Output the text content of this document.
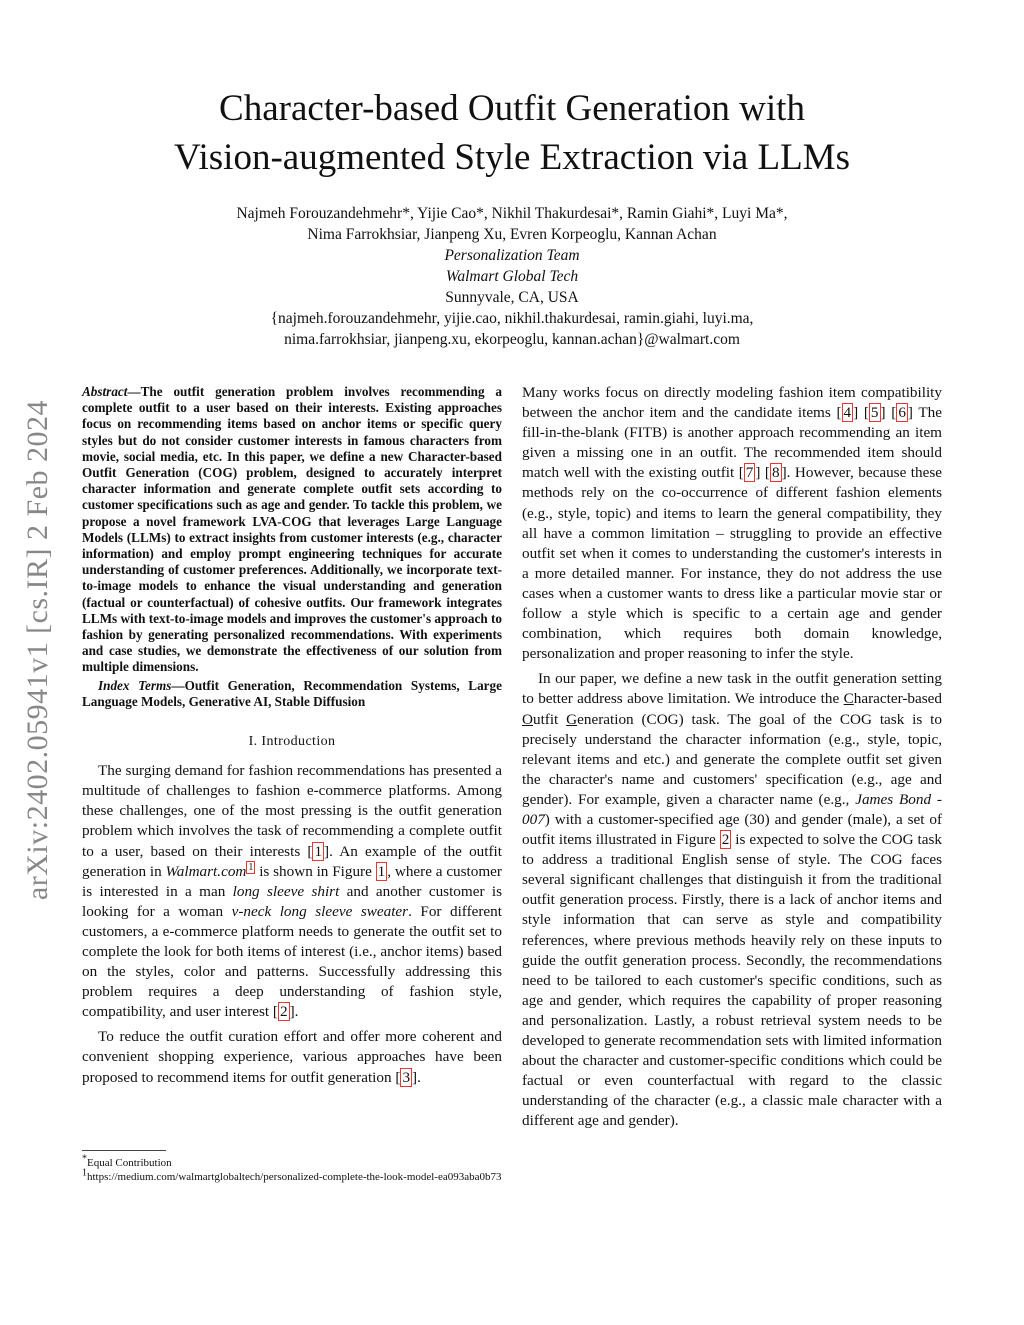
arXiv:2402.05941v1 [cs.IR] 2 Feb 2024
Character-based Outfit Generation with
Vision-augmented Style Extraction via LLMs
Najmeh Forouzandehmehr*, Yijie Cao*, Nikhil Thakurdesai*, Ramin Giahi*, Luyi Ma*,
Nima Farrokhsiar, Jianpeng Xu, Evren Korpeoglu, Kannan Achan
Personalization Team
Walmart Global Tech
Sunnyvale, CA, USA
{najmeh.forouzandehmehr, yijie.cao, nikhil.thakurdesai, ramin.giahi, luyi.ma,
nima.farrokhsiar, jianpeng.xu, ekorpeoglu, kannan.achan}@walmart.com

Abstract—The outfit generation problem involves recommending a complete outfit to a user based on their interests. Existing approaches focus on recommending items based on anchor items or specific query styles but do not consider customer interests in famous characters from movie, social media, etc. In this paper, we define a new Character-based Outfit Generation (COG) problem, designed to accurately interpret character information and generate complete outfit sets according to customer specifications such as age and gender. To tackle this problem, we propose a novel framework LVA-COG that leverages Large Language Models (LLMs) to extract insights from customer interests (e.g., character information) and employ prompt engineering techniques for accurate understanding of customer preferences. Additionally, we incorporate text-to-image models to enhance the visual understanding and generation (factual or counterfactual) of cohesive outfits. Our framework integrates LLMs with text-to-image models and improves the customer's approach to fashion by generating personalized recommendations. With experiments and case studies, we demonstrate the effectiveness of our solution from multiple dimensions.

Index Terms—Outfit Generation, Recommendation Systems, Large Language Models, Generative AI, Stable Diffusion

I. Introduction

The surging demand for fashion recommendations has presented a multitude of challenges to fashion e-commerce platforms. Among these challenges, one of the most pressing is the outfit generation problem which involves the task of recommending a complete outfit to a user, based on their interests [ 1 ]. An example of the outfit generation in Walmart.com $^1$ is shown in Figure 1 , where a customer is interested in a man long sleeve shirt and another customer is looking for a woman v-neck long sleeve sweater. For different customers, a e-commerce platform needs to generate the outfit set to complete the look for both items of interest (i.e., anchor items) based on the styles, color and patterns. Successfully addressing this problem requires a deep understanding of fashion style, compatibility, and user interest [ 2 ].

To reduce the outfit curation effort and offer more coherent and convenient shopping experience, various approaches have been proposed to recommend items for outfit generation [ 3 ].

*Equal Contribution

1https://medium.com/walmartglobaltech/personalized-complete-the-look-model-ea093aba0b73

Many works focus on directly modeling fashion item compatibility between the anchor item and the candidate items [ 4 ] [ 5 ] [ 6 ] The fill-in-the-blank (FITB) is another approach recommending an item given a missing one in an outfit. The recommended item should match well with the existing outfit [ 7 ] [ 8 ]. However, because these methods rely on the co-occurrence of different fashion elements (e.g., style, topic) and items to learn the general compatibility, they all have a common limitation – struggling to provide an effective outfit set when it comes to understanding the customer's interests in a more detailed manner. For instance, they do not address the use cases when a customer wants to dress like a particular movie star or follow a style which is specific to a certain age and gender combination, which requires both domain knowledge, personalization and proper reasoning to infer the style.

In our paper, we define a new task in the outfit generation setting to better address above limitation. We introduce the Character-based Outfit Generation (COG) task. The goal of the COG task is to precisely understand the character information (e.g., style, topic, relevant items and etc.) and generate the complete outfit set given the character's name and customers' specification (e.g., age and gender). For example, given a character name (e.g., James Bond - 007) with a customer-specified age (30) and gender (male), a set of outfit items illustrated in Figure 2 is expected to solve the COG task to address a traditional English sense of style. The COG faces several significant challenges that distinguish it from the traditional outfit generation process. Firstly, there is a lack of anchor items and style information that can serve as style and compatibility references, where previous methods heavily rely on these inputs to guide the outfit generation process. Secondly, the recommendations need to be tailored to each customer's specific conditions, such as age and gender, which requires the capability of proper reasoning and personalization. Lastly, a robust retrieval system needs to be developed to generate recommendation sets with limited information about the character and customer-specific conditions which could be factual or even counterfactual with regard to the classic understanding of the character (e.g., a classic male character with a different age and gender).
